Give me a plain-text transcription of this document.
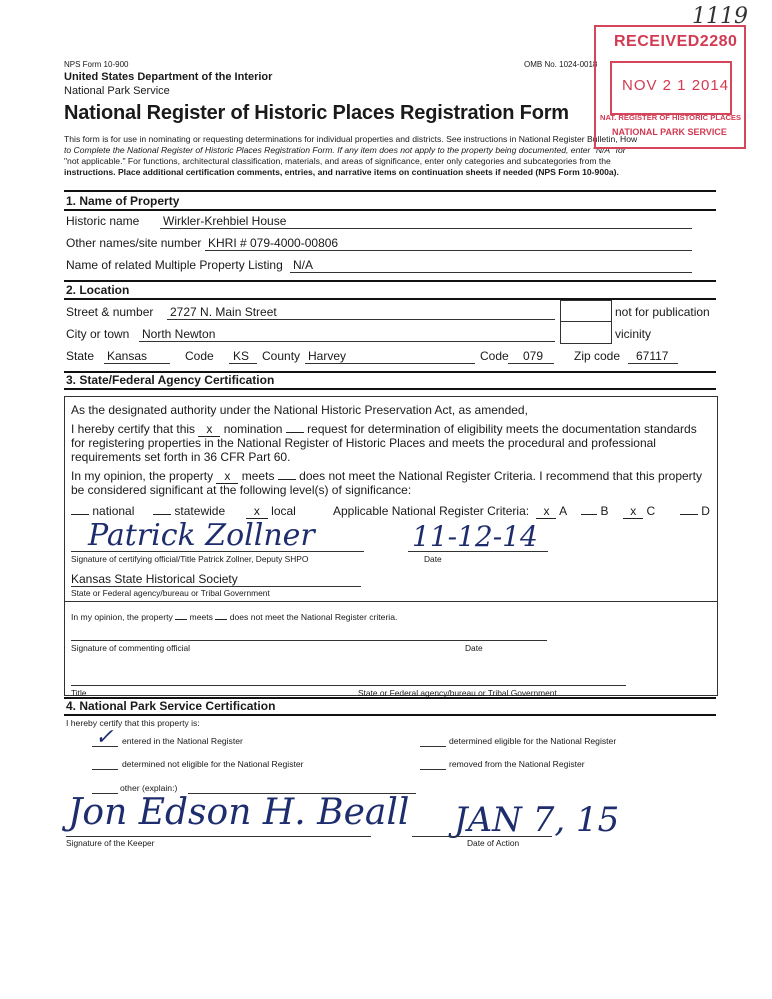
1119
NPS Form 10-900	OMB No. 1024-0018
United States Department of the Interior
National Park Service
National Register of Historic Places Registration Form
This form is for use in nominating or requesting determinations for individual properties and districts. See instructions in National Register Bulletin, How
to Complete the National Register of Historic Places Registration Form. If any item does not apply to the property being documented, enter "N/A" for
"not applicable." For functions, architectural classification, materials, and areas of significance, enter only categories and subcategories from the
instructions. Place additional certification comments, entries, and narrative items on continuation sheets if needed (NPS Form 10-900a).
RECEIVED2280
NOV 2 1 2014
NAT. REGISTER OF HISTORIC PLACES
NATIONAL PARK SERVICE
1. Name of Property
Historic name Wirkler-Krehbiel House
Other names/site number KHRI # 079-4000-00806
Name of related Multiple Property Listing N/A
2. Location
Street & number 2727 N. Main Street	not for publication
City or town North Newton	vicinity
State Kansas	Code KS County Harvey	Code 079	Zip code 67117
3. State/Federal Agency Certification
As the designated authority under the National Historic Preservation Act, as amended,
I hereby certify that this x nomination request for determination of eligibility meets the documentation standards
for registering properties in the National Register of Historic Places and meets the procedural and professional
requirements set forth in 36 CFR Part 60.
In my opinion, the property x meets does not meet the National Register Criteria. I recommend that this property
be considered significant at the following level(s) of significance:
national	statewide x local	Applicable National Register Criteria: x A	B x C	D
Patrick Zollner	11-12-14
Signature of certifying official/Title Patrick Zollner, Deputy SHPO	Date
Kansas State Historical Society
State or Federal agency/bureau or Tribal Government
In my opinion, the property meets does not meet the National Register criteria.
Signature of commenting official	Date
Title	State or Federal agency/bureau or Tribal Government
4. National Park Service Certification
I hereby certify that this property is:
✓ entered in the National Register	determined eligible for the National Register
determined not eligible for the National Register	removed from the National Register
other (explain:)
Jon Edson H. Beall JAN 7, 15
Signature of the Keeper	Date of Action
